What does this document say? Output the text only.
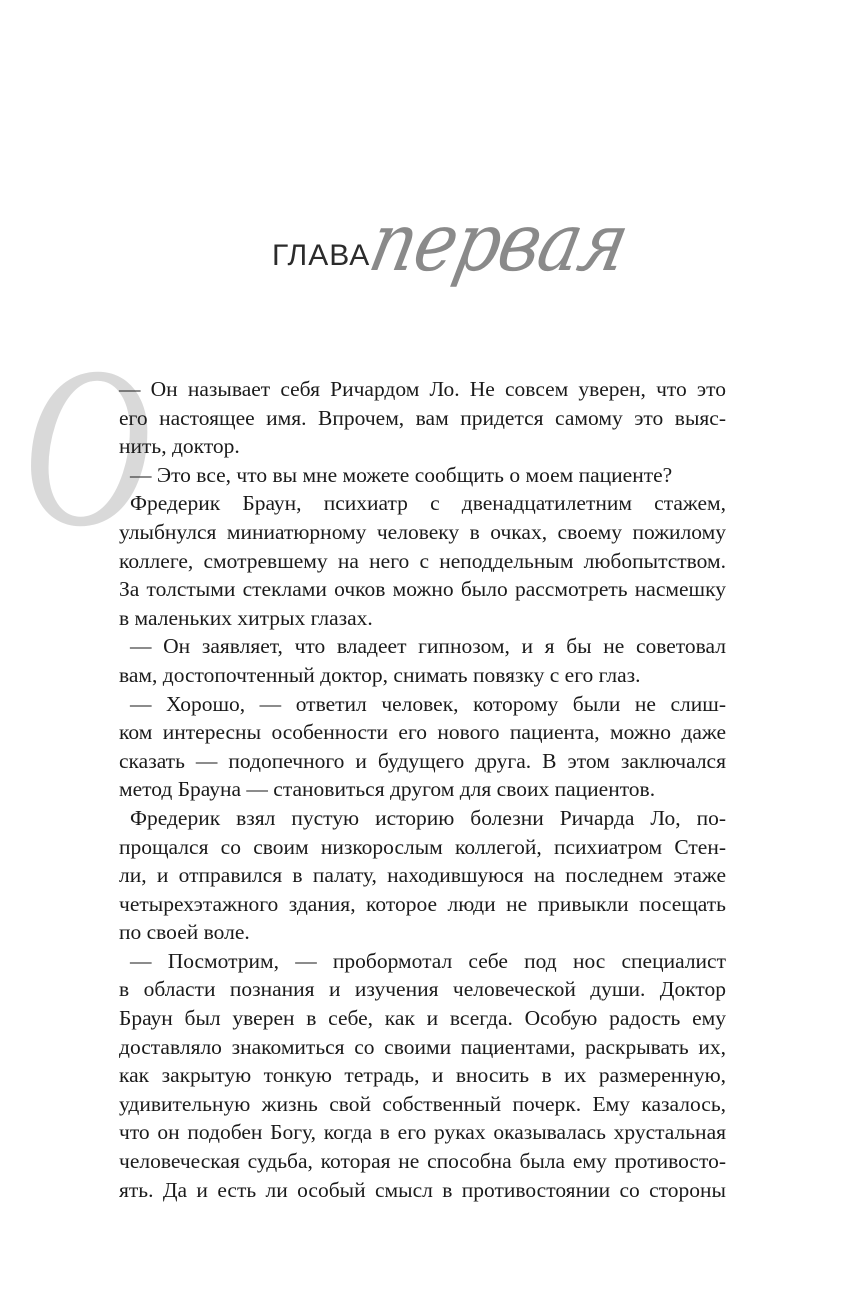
ГЛАВА
первая
О
— Он называет себя Ричардом Ло. Не совсем уверен, что это
его настоящее имя. Впрочем, вам придется самому это выяс-
нить, доктор.
— Это все, что вы мне можете сообщить о моем пациенте?
Фредерик Браун, психиатр с двенадцатилетним стажем,
улыбнулся миниатюрному человеку в очках, своему пожилому
коллеге, смотревшему на него с неподдельным любопытством.
За толстыми стеклами очков можно было рассмотреть насмешку
в маленьких хитрых глазах.
— Он заявляет, что владеет гипнозом, и я бы не советовал
вам, достопочтенный доктор, снимать повязку с его глаз.
— Хорошо, — ответил человек, которому были не слиш-
ком интересны особенности его нового пациента, можно даже
сказать — подопечного и будущего друга. В этом заключался
метод Брауна — становиться другом для своих пациентов.
Фредерик взял пустую историю болезни Ричарда Ло, по-
прощался со своим низкорослым коллегой, психиатром Стен-
ли, и отправился в палату, находившуюся на последнем этаже
четырехэтажного здания, которое люди не привыкли посещать
по своей воле.
— Посмотрим, — пробормотал себе под нос специалист
в области познания и изучения человеческой души. Доктор
Браун был уверен в себе, как и всегда. Особую радость ему
доставляло знакомиться со своими пациентами, раскрывать их,
как закрытую тонкую тетрадь, и вносить в их размеренную,
удивительную жизнь свой собственный почерк. Ему казалось,
что он подобен Богу, когда в его руках оказывалась хрустальная
человеческая судьба, которая не способна была ему противосто-
ять. Да и есть ли особый смысл в противостоянии со стороны
